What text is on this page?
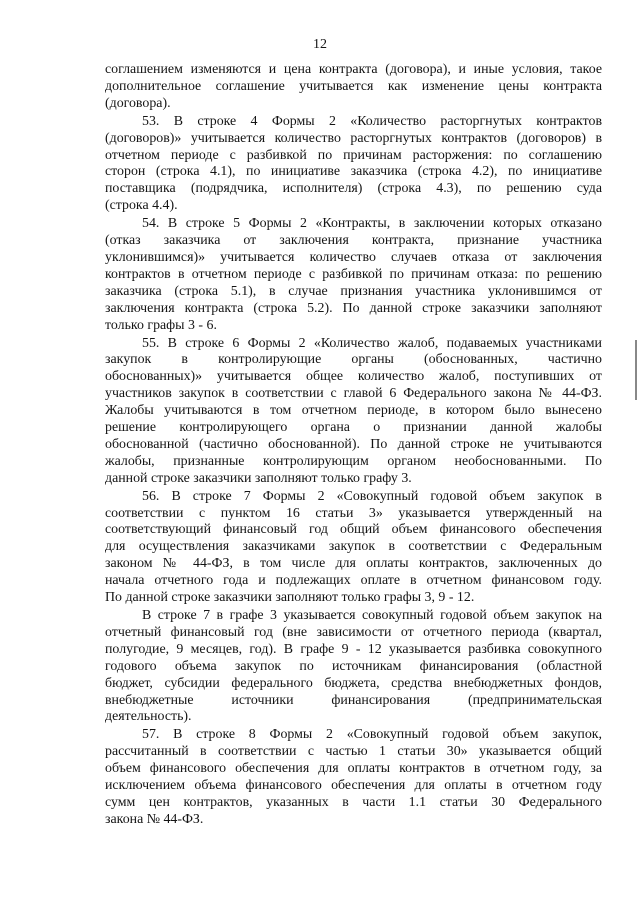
12

соглашением изменяются и цена контракта (договора), и иные условия, такое
дополнительное соглашение учитывается как изменение цены контракта
(договора).

53. В строке 4 Формы 2 «Количество расторгнутых контрактов
(договоров)» учитывается количество расторгнутых контрактов (договоров) в
отчетном периоде с разбивкой по причинам расторжения: по соглашению
сторон (строка 4.1), по инициативе заказчика (строка 4.2), по инициативе
поставщика (подрядчика, исполнителя) (строка 4.3), по решению суда
(строка 4.4).

54. В строке 5 Формы 2 «Контракты, в заключении которых отказано
(отказ заказчика от заключения контракта, признание участника
уклонившимся)» учитывается количество случаев отказа от заключения
контрактов в отчетном периоде с разбивкой по причинам отказа: по решению
заказчика (строка 5.1), в случае признания участника уклонившимся от
заключения контракта (строка 5.2). По данной строке заказчики заполняют
только графы 3 - 6.

55. В строке 6 Формы 2 «Количество жалоб, подаваемых участниками
закупок в контролирующие органы (обоснованных, частично
обоснованных)» учитывается общее количество жалоб, поступивших от
участников закупок в соответствии с главой 6 Федерального закона № 44-ФЗ.
Жалобы учитываются в том отчетном периоде, в котором было вынесено
решение контролирующего органа о признании данной жалобы
обоснованной (частично обоснованной). По данной строке не учитываются
жалобы, признанные контролирующим органом необоснованными. По
данной строке заказчики заполняют только графу 3.

56. В строке 7 Формы 2 «Совокупный годовой объем закупок в
соответствии с пунктом 16 статьи 3» указывается утвержденный на
соответствующий финансовый год общий объем финансового обеспечения
для осуществления заказчиками закупок в соответствии с Федеральным
законом № 44-ФЗ, в том числе для оплаты контрактов, заключенных до
начала отчетного года и подлежащих оплате в отчетном финансовом году.
По данной строке заказчики заполняют только графы 3, 9 - 12.

В строке 7 в графе 3 указывается совокупный годовой объем закупок на
отчетный финансовый год (вне зависимости от отчетного периода (квартал,
полугодие, 9 месяцев, год). В графе 9 - 12 указывается разбивка совокупного
годового объема закупок по источникам финансирования (областной
бюджет, субсидии федерального бюджета, средства внебюджетных фондов,
внебюджетные источники финансирования (предпринимательская
деятельность).

57. В строке 8 Формы 2 «Совокупный годовой объем закупок,
рассчитанный в соответствии с частью 1 статьи 30» указывается общий
объем финансового обеспечения для оплаты контрактов в отчетном году, за
исключением объема финансового обеспечения для оплаты в отчетном году
сумм цен контрактов, указанных в части 1.1 статьи 30 Федерального
закона № 44-ФЗ.
